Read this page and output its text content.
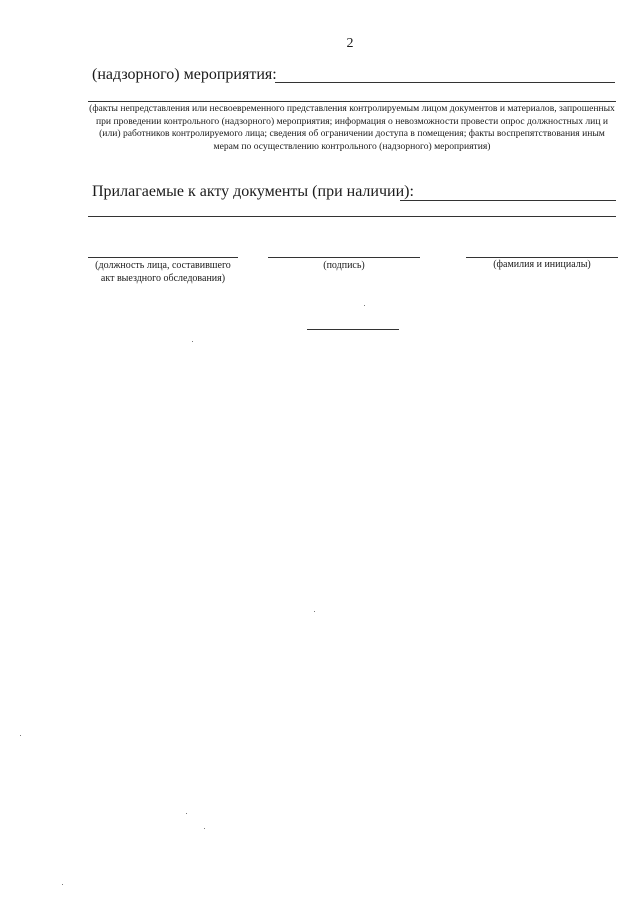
2
(надзорного) мероприятия:
(факты непредставления или несвоевременного представления контролируемым лицом документов и материалов, запрошенных при проведении контрольного (надзорного) мероприятия; информация о невозможности провести опрос должностных лиц и (или) работников контролируемого лица; сведения об ограничении доступа в помещения; факты воспрепятствования иным мерам по осуществлению контрольного (надзорного) мероприятия)
Прилагаемые к акту документы (при наличии):
(должность лица, составившего акт выездного обследования)
(подпись)	(фамилия и инициалы)
